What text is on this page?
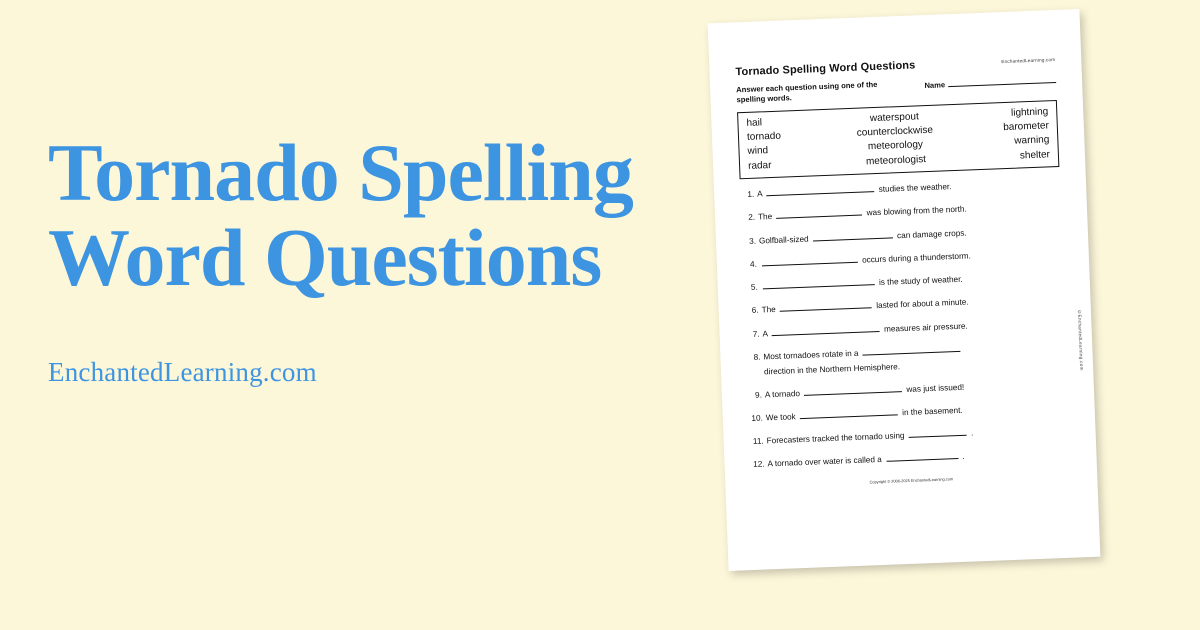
Tornado Spelling Word Questions
EnchantedLearning.com
Tornado Spelling Word Questions	EnchantedLearning.com
Answer each question using one of the spelling words.
Name
hail	waterspout	lightning
tornado	counterclockwise	barometer
wind	meteorology	warning
radar	meteorologist	shelter
1. A	studies the weather.
2. The	was blowing from the north.
3. Golfball-sized	can damage crops.
4.	occurs during a thunderstorm.
5.
is the study of weather.
6. The	lasted for about a minute.
7. A	measures air pressure.
8. Most tornadoes rotate in a
direction in the Northern Hemisphere.
9. A tornado  was just issued!
10. We took  in the basement.
11. Forecasters tracked the tornado using	.
12. A tornado over water is called a	.
Copyright © 2006-2025 EnchantedLearning.com
©EnchantedLearning.com
